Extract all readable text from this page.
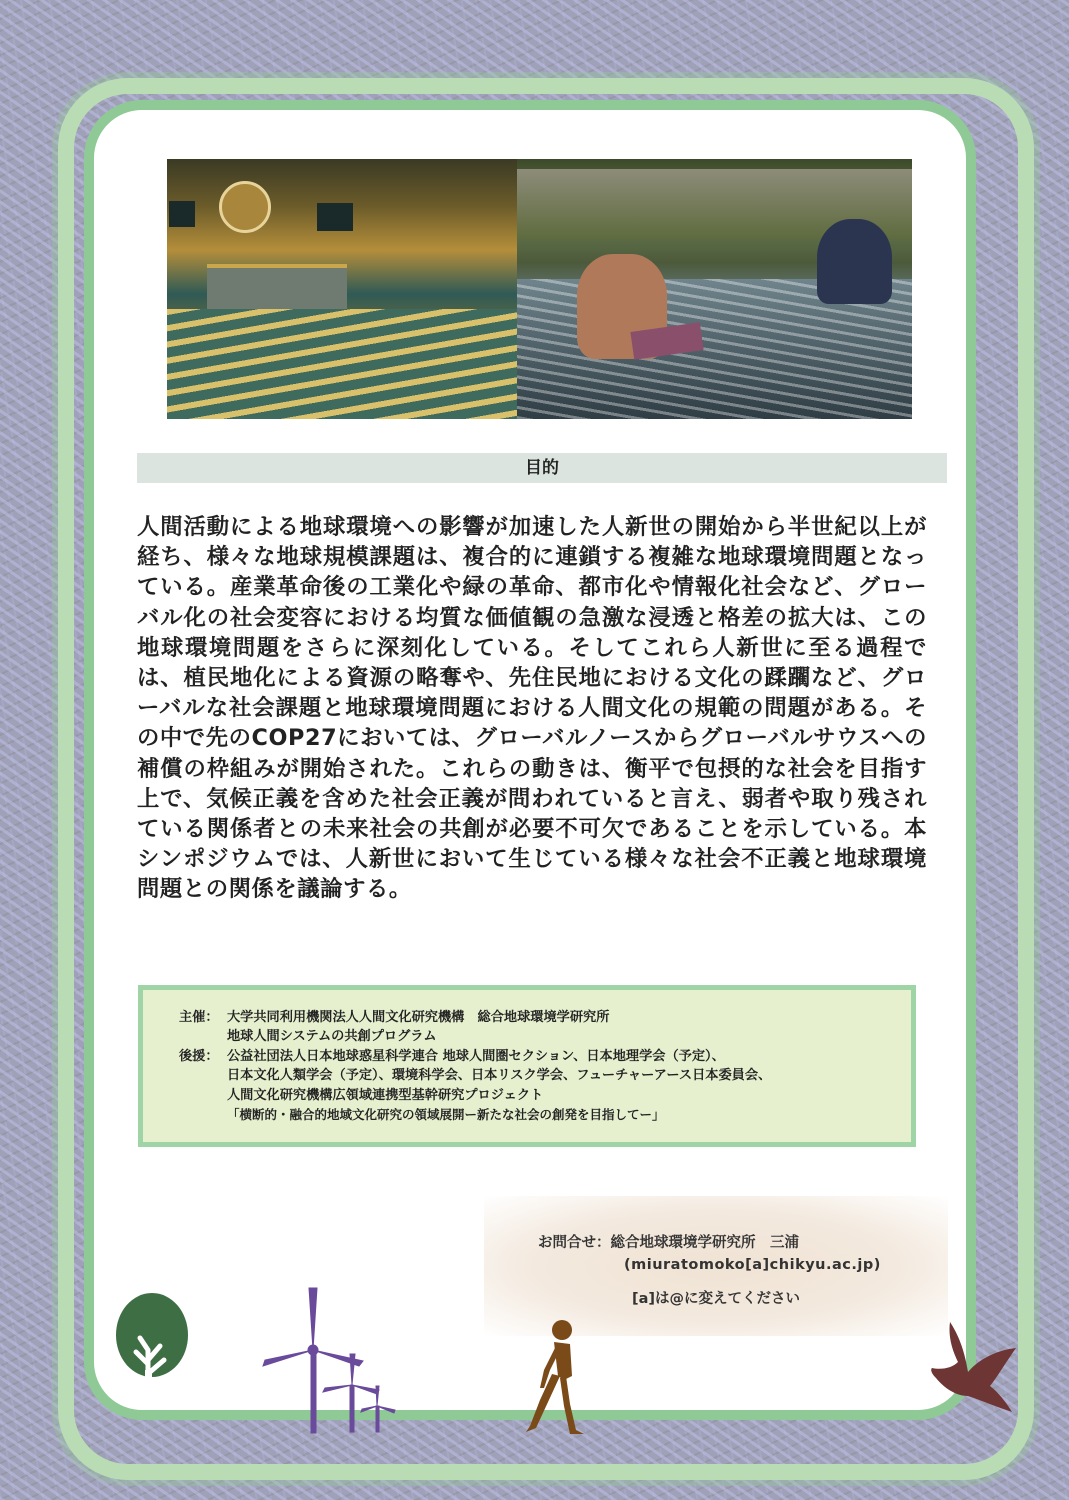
目的

人間活動による地球環境への影響が加速した人新世の開始から半世紀以上が経ち、様々な地球規模課題は、複合的に連鎖する複雑な地球環境問題となっている。産業革命後の工業化や緑の革命、都市化や情報化社会など、グローバル化の社会変容における均質な価値観の急激な浸透と格差の拡大は、この地球環境問題をさらに深刻化している。そしてこれら人新世に至る過程では、植民地化による資源の略奪や、先住民地における文化の蹂躙など、グローバルな社会課題と地球環境問題における人間文化の規範の問題がある。その中で先のCOP27においては、グローバルノースからグローバルサウスへの補償の枠組みが開始された。これらの動きは、衡平で包摂的な社会を目指す上で、気候正義を含めた社会正義が問われていると言え、弱者や取り残されている関係者との未来社会の共創が必要不可欠であることを示している。本シンポジウムでは、人新世において生じている様々な社会不正義と地球環境問題との関係を議論する。

主催： 大学共同利用機関法人人間文化研究機構　総合地球環境学研究所
地球人間システムの共創プログラム
後援： 公益社団法人日本地球惑星科学連合 地球人間圏セクション、日本地理学会（予定）、
日本文化人類学会（予定）、環境科学会、日本リスク学会、フューチャーアース日本委員会、
人間文化研究機構広領域連携型基幹研究プロジェクト
「横断的・融合的地域文化研究の領域展開ー新たな社会の創発を目指してー」
お問合せ：総合地球環境学研究所　三浦
(miuratomoko[a]chikyu.ac.jp)
[a]は@に変えてください
